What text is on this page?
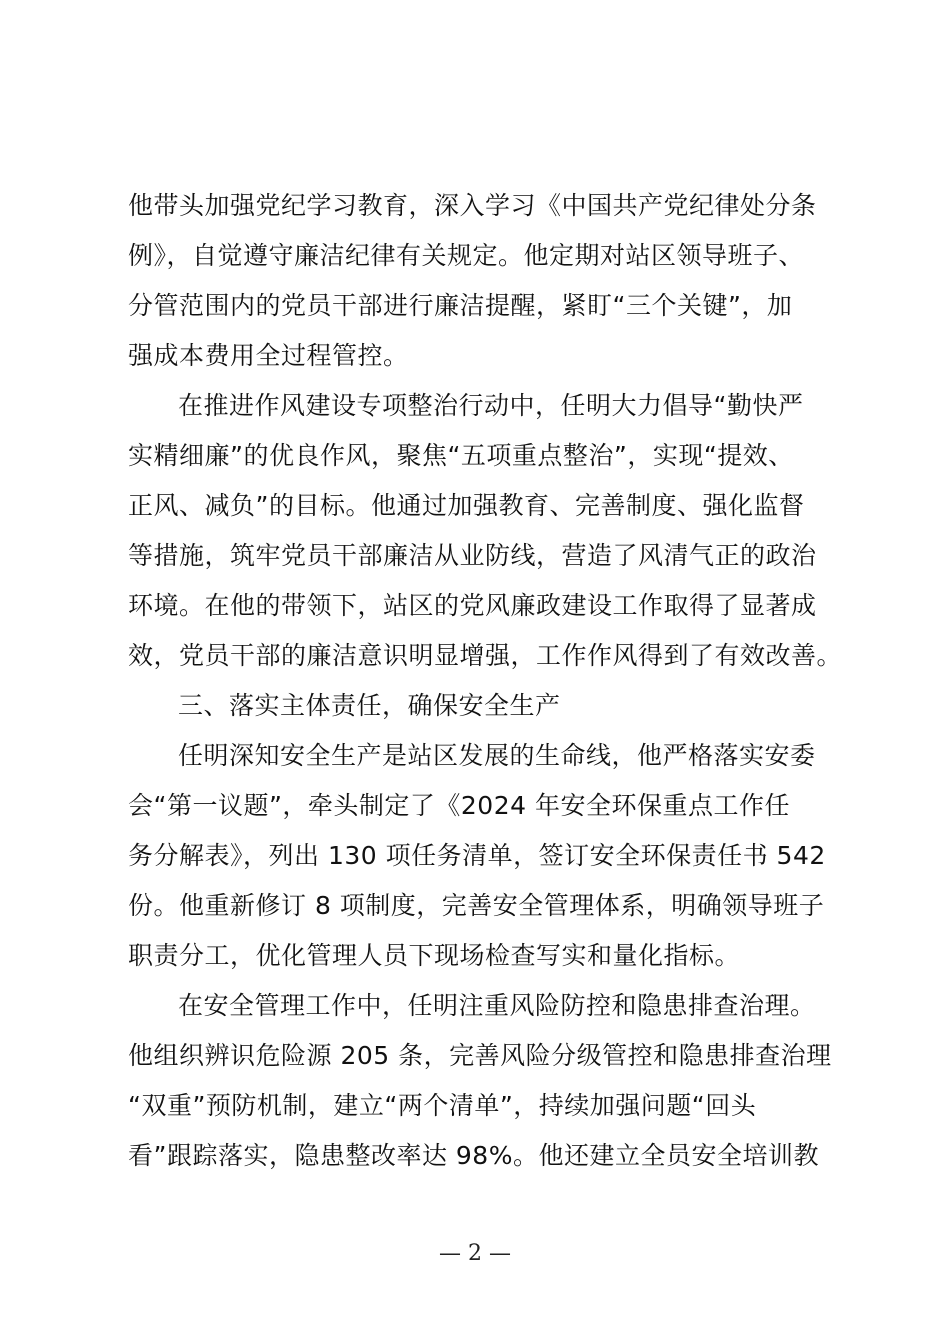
他带头加强党纪学习教育，深入学习《中国共产党纪律处分条
例》，自觉遵守廉洁纪律有关规定。他定期对站区领导班子、
分管范围内的党员干部进行廉洁提醒，紧盯“三个关键”，加
强成本费用全过程管控。
在推进作风建设专项整治行动中，任明大力倡导“勤快严
实精细廉”的优良作风，聚焦“五项重点整治”，实现“提效、
正风、减负”的目标。他通过加强教育、完善制度、强化监督
等措施，筑牢党员干部廉洁从业防线，营造了风清气正的政治
环境。在他的带领下，站区的党风廉政建设工作取得了显著成
效，党员干部的廉洁意识明显增强，工作作风得到了有效改善。
三、落实主体责任，确保安全生产
任明深知安全生产是站区发展的生命线，他严格落实安委
会“第一议题”，牵头制定了《2024 年安全环保重点工作任
务分解表》，列出 130 项任务清单，签订安全环保责任书 542
份。他重新修订 8 项制度，完善安全管理体系，明确领导班子
职责分工，优化管理人员下现场检查写实和量化指标。
在安全管理工作中，任明注重风险防控和隐患排查治理。
他组织辨识危险源 205 条，完善风险分级管控和隐患排查治理
“双重”预防机制，建立“两个清单”，持续加强问题“回头
看”跟踪落实，隐患整改率达 98%。他还建立全员安全培训教
— 2 —
